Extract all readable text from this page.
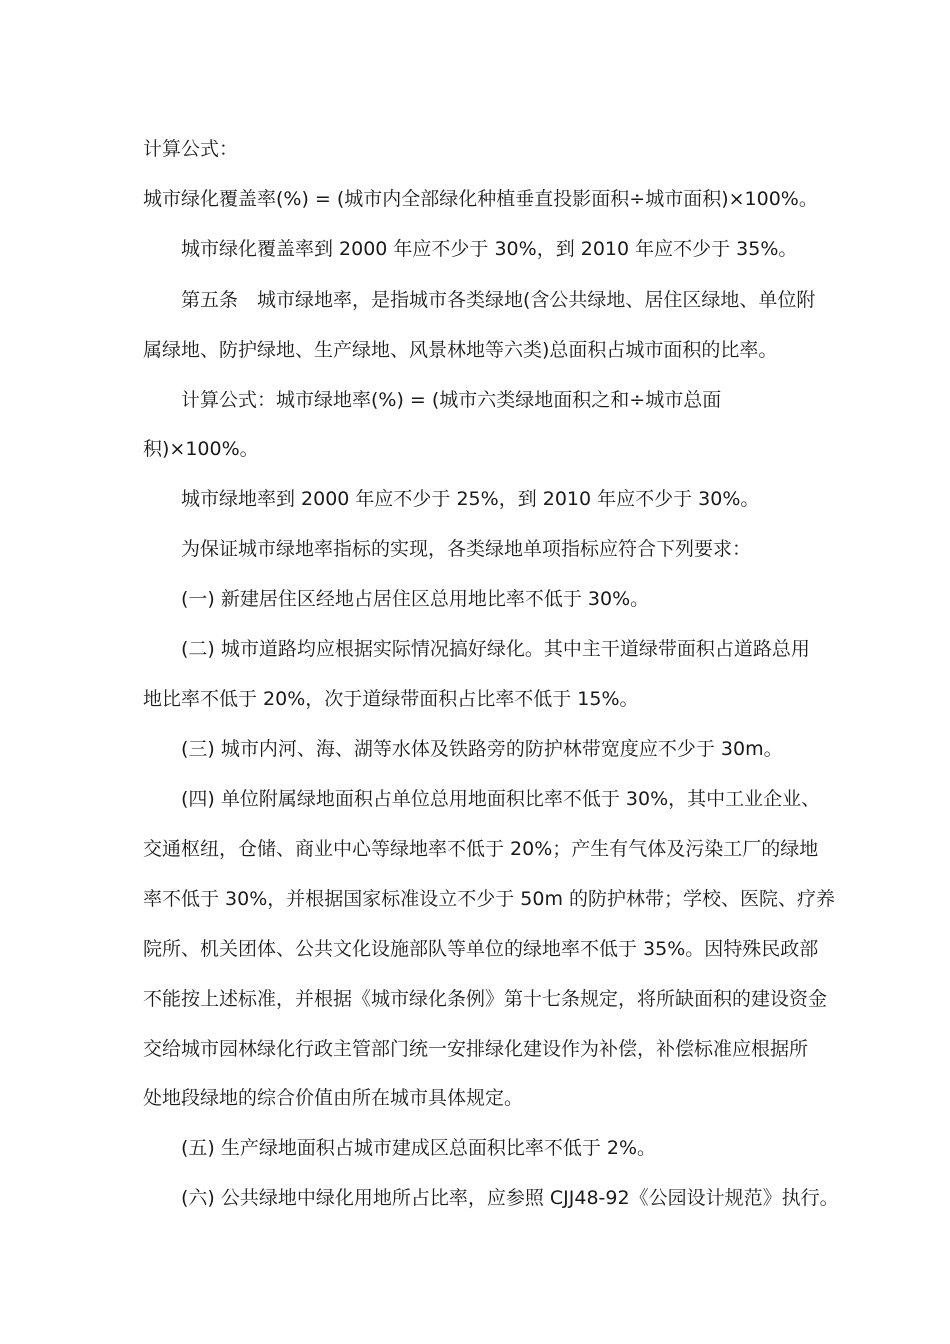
计算公式：
城市绿化覆盖率(%) = (城市内全部绿化种植垂直投影面积÷城市面积)×100%。
城市绿化覆盖率到 2000 年应不少于 30%，到 2010 年应不少于 35%。
第五条　城市绿地率，是指城市各类绿地(含公共绿地、居住区绿地、单位附
属绿地、防护绿地、生产绿地、风景林地等六类)总面积占城市面积的比率。
计算公式：城市绿地率(%) = (城市六类绿地面积之和÷城市总面
积)×100%。
城市绿地率到 2000 年应不少于 25%，到 2010 年应不少于 30%。
为保证城市绿地率指标的实现，各类绿地单项指标应符合下列要求：
(一) 新建居住区经地占居住区总用地比率不低于 30%。
(二) 城市道路均应根据实际情况搞好绿化。其中主干道绿带面积占道路总用
地比率不低于 20%，次于道绿带面积占比率不低于 15%。
(三) 城市内河、海、湖等水体及铁路旁的防护林带宽度应不少于 30m。
(四) 单位附属绿地面积占单位总用地面积比率不低于 30%，其中工业企业、
交通枢纽，仓储、商业中心等绿地率不低于 20%；产生有气体及污染工厂的绿地
率不低于 30%，并根据国家标准设立不少于 50m 的防护林带；学校、医院、疗养
院所、机关团体、公共文化设施部队等单位的绿地率不低于 35%。因特殊民政部
不能按上述标准，并根据《城市绿化条例》第十七条规定，将所缺面积的建设资金
交给城市园林绿化行政主管部门统一安排绿化建设作为补偿，补偿标准应根据所
处地段绿地的综合价值由所在城市具体规定。
(五) 生产绿地面积占城市建成区总面积比率不低于 2%。
(六) 公共绿地中绿化用地所占比率，应参照 CJJ48-92《公园设计规范》执行。
